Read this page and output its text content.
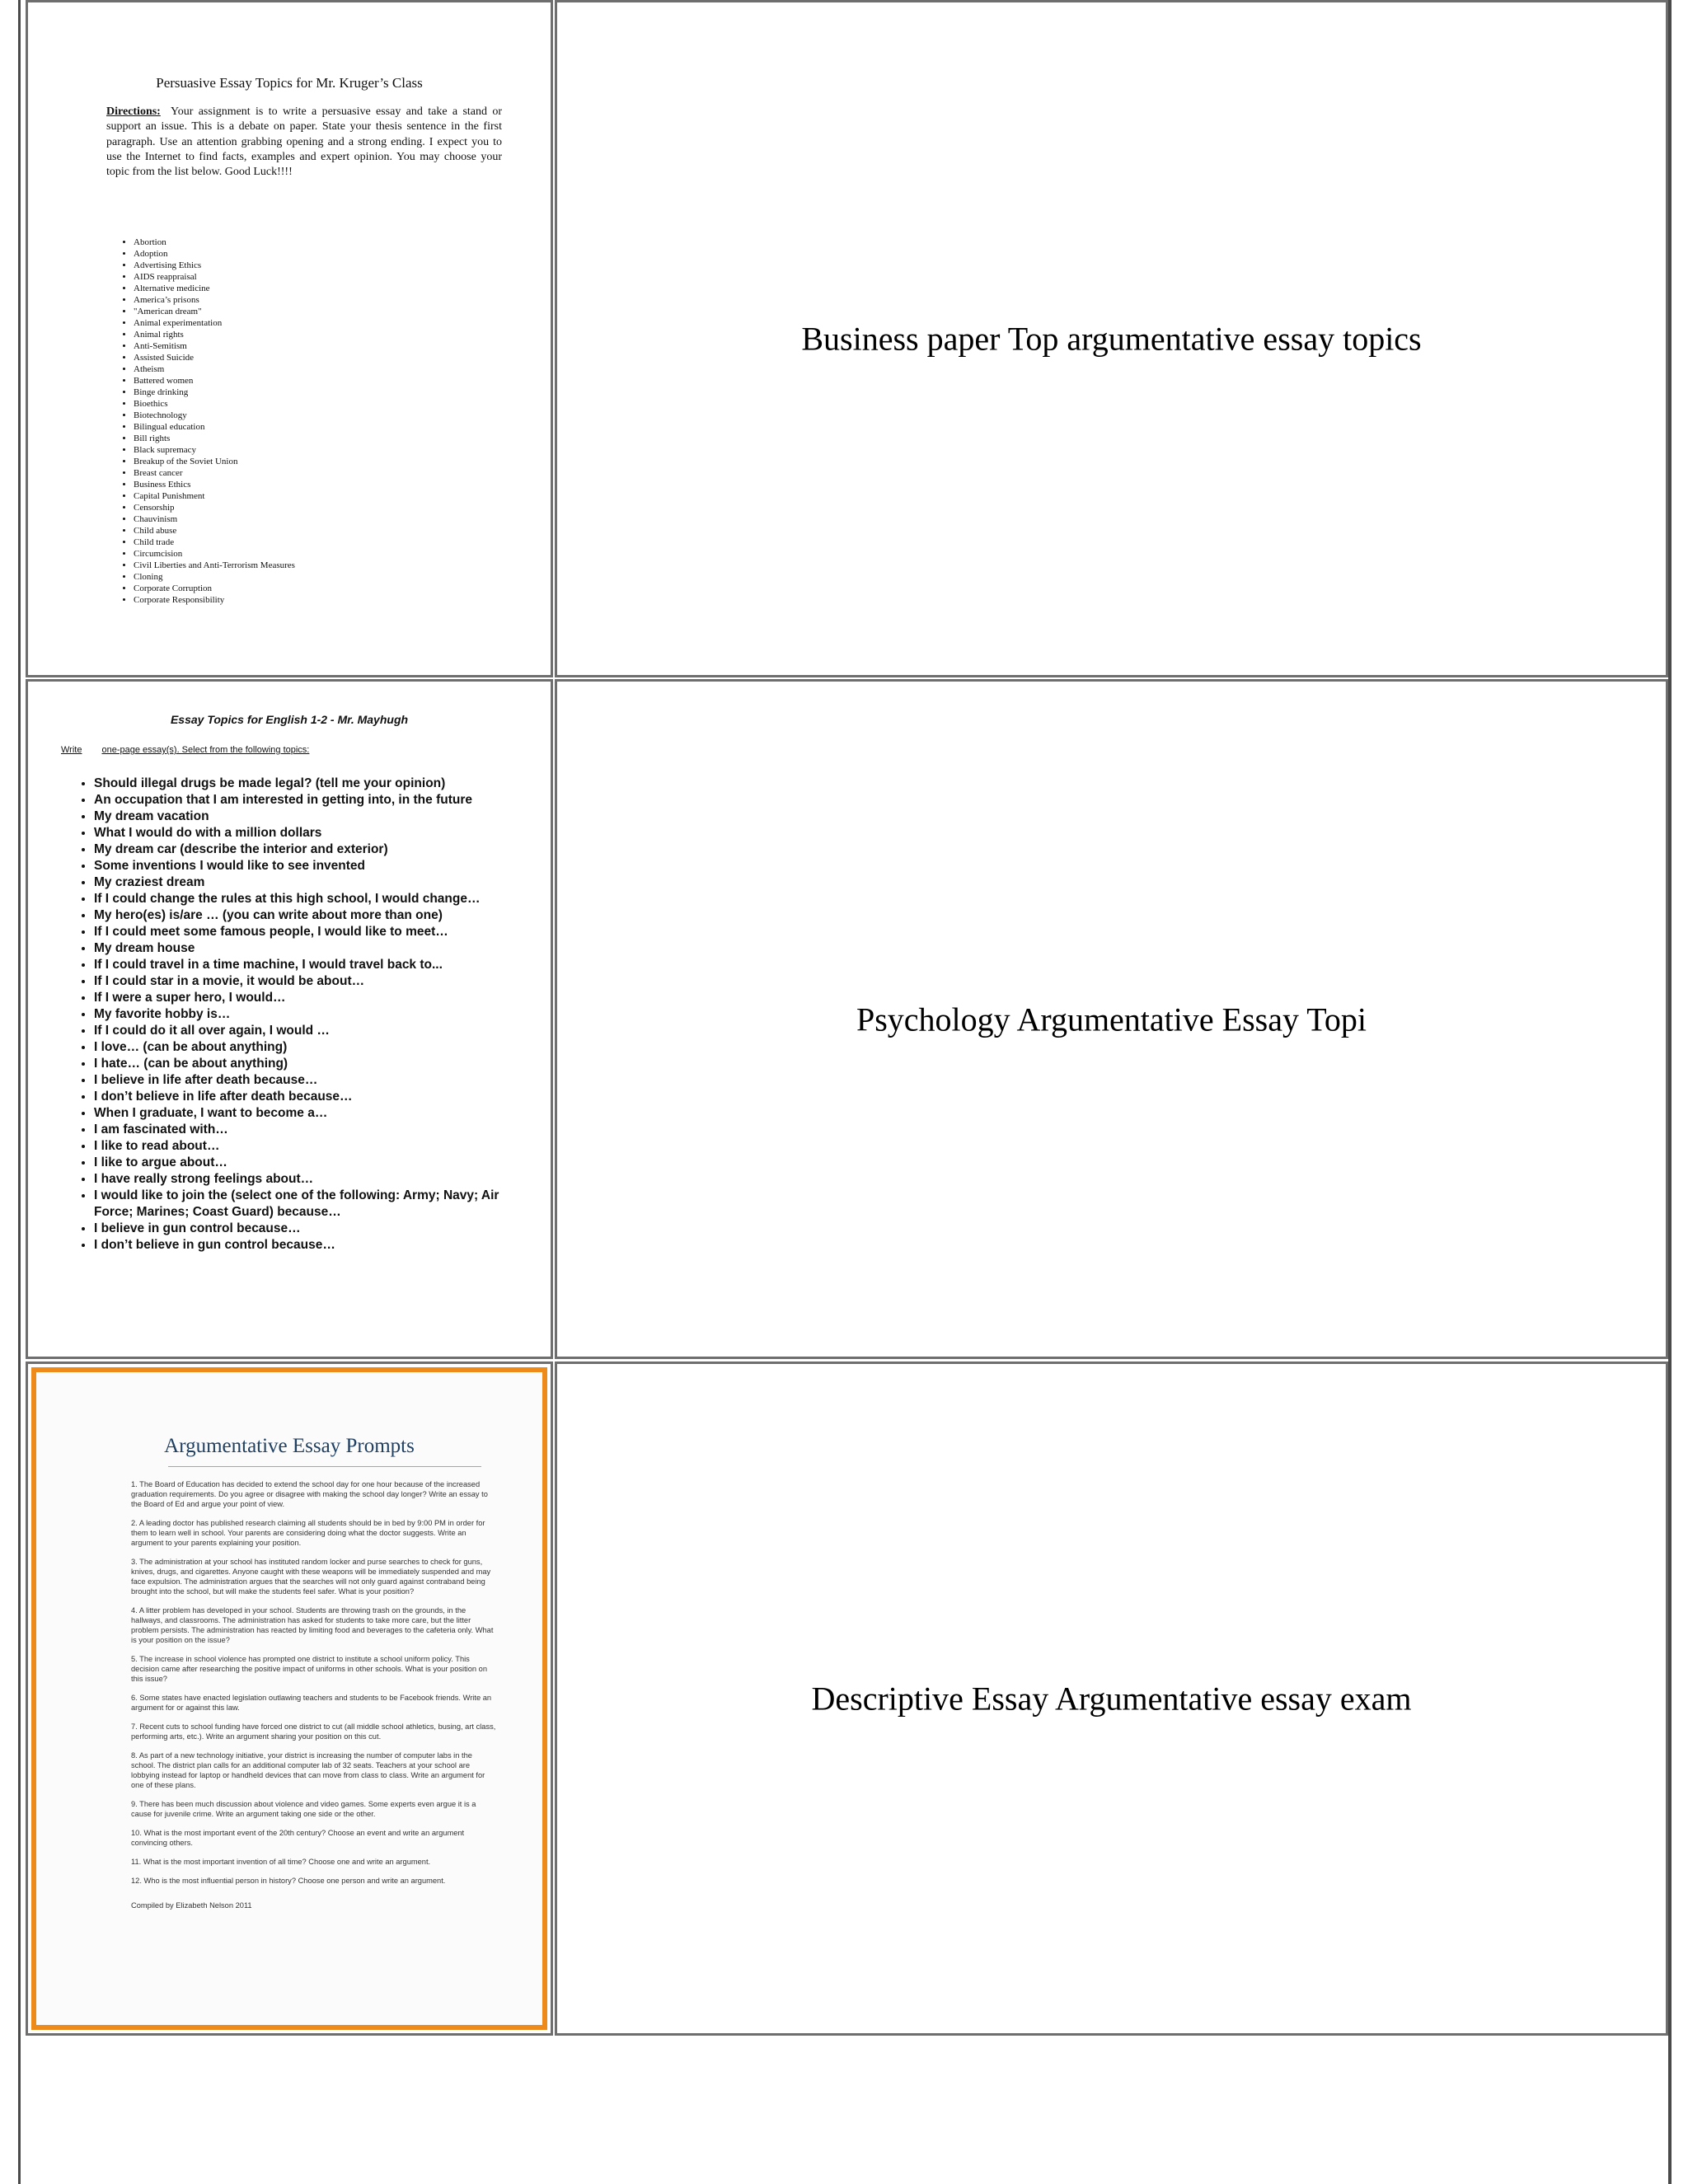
Persuasive Essay Topics for Mr. Kruger’s Class
Directions: Your assignment is to write a persuasive essay and take a stand or support an issue. This is a debate on paper. State your thesis sentence in the first paragraph. Use an attention grabbing opening and a strong ending. I expect you to use the Internet to find facts, examples and expert opinion. You may choose your topic from the list below. Good Luck!!!!
• Abortion
• Adoption
• Advertising Ethics
• AIDS reappraisal
• Alternative medicine
• America’s prisons
• "American dream"
• Animal experimentation
• Animal rights
• Anti-Semitism
• Assisted Suicide
• Atheism
• Battered women
• Binge drinking
• Bioethics
• Biotechnology
• Bilingual education
• Bill rights
• Black supremacy
• Breakup of the Soviet Union
• Breast cancer
• Business Ethics
• Capital Punishment
• Censorship
• Chauvinism
• Child abuse
• Child trade
• Circumcision
• Civil Liberties and Anti-Terrorism Measures
• Cloning
• Corporate Corruption
• Corporate Responsibility
Business paper Top argumentative essay topics
Essay Topics for English 1-2 - Mr. Mayhugh
Write one-page essay(s). Select from the following topics:
• Should illegal drugs be made legal? (tell me your opinion)
• An occupation that I am interested in getting into, in the future
• My dream vacation
• What I would do with a million dollars
• My dream car (describe the interior and exterior)
• Some inventions I would like to see invented
• My craziest dream
• If I could change the rules at this high school, I would change…
• My hero(es) is/are … (you can write about more than one)
• If I could meet some famous people, I would like to meet…
• My dream house
• If I could travel in a time machine, I would travel back to...
• If I could star in a movie, it would be about…
• If I were a super hero, I would…
• My favorite hobby is…
• If I could do it all over again, I would …
• I love… (can be about anything)
• I hate… (can be about anything)
• I believe in life after death because…
• I don’t believe in life after death because…
• When I graduate, I want to become a…
• I am fascinated with…
• I like to read about…
• I like to argue about…
• I have really strong feelings about…
• I would like to join the (select one of the following: Army; Navy; Air Force; Marines; Coast Guard) because…
• I believe in gun control because…
• I don’t believe in gun control because…
Psychology Argumentative Essay Topi
Argumentative Essay Prompts

1. The Board of Education has decided to extend the school day for one hour because of the increased graduation requirements. Do you agree or disagree with making the school day longer? Write an essay to the Board of Ed and argue your point of view.

2. A leading doctor has published research claiming all students should be in bed by 9:00 PM in order for them to learn well in school. Your parents are considering doing what the doctor suggests. Write an argument to your parents explaining your position.

3. The administration at your school has instituted random locker and purse searches to check for guns, knives, drugs, and cigarettes. Anyone caught with these weapons will be immediately suspended and may face expulsion. The administration argues that the searches will not only guard against contraband being brought into the school, but will make the students feel safer. What is your position?

4. A litter problem has developed in your school. Students are throwing trash on the grounds, in the hallways, and classrooms. The administration has asked for students to take more care, but the litter problem persists. The administration has reacted by limiting food and beverages to the cafeteria only. What is your position on the issue?

5. The increase in school violence has prompted one district to institute a school uniform policy. This decision came after researching the positive impact of uniforms in other schools. What is your position on this issue?

6. Some states have enacted legislation outlawing teachers and students to be Facebook friends. Write an argument for or against this law.

7. Recent cuts to school funding have forced one district to cut (all middle school athletics, busing, art class, performing arts, etc.). Write an argument sharing your position on this cut.

8. As part of a new technology initiative, your district is increasing the number of computer labs in the school. The district plan calls for an additional computer lab of 32 seats. Teachers at your school are lobbying instead for laptop or handheld devices that can move from class to class. Write an argument for one of these plans.

9. There has been much discussion about violence and video games. Some experts even argue it is a cause for juvenile crime. Write an argument taking one side or the other.

10. What is the most important event of the 20th century? Choose an event and write an argument convincing others.

11. What is the most important invention of all time? Choose one and write an argument.

12. Who is the most influential person in history? Choose one person and write an argument.

Compiled by Elizabeth Nelson 2011

Descriptive Essay Argumentative essay exam
